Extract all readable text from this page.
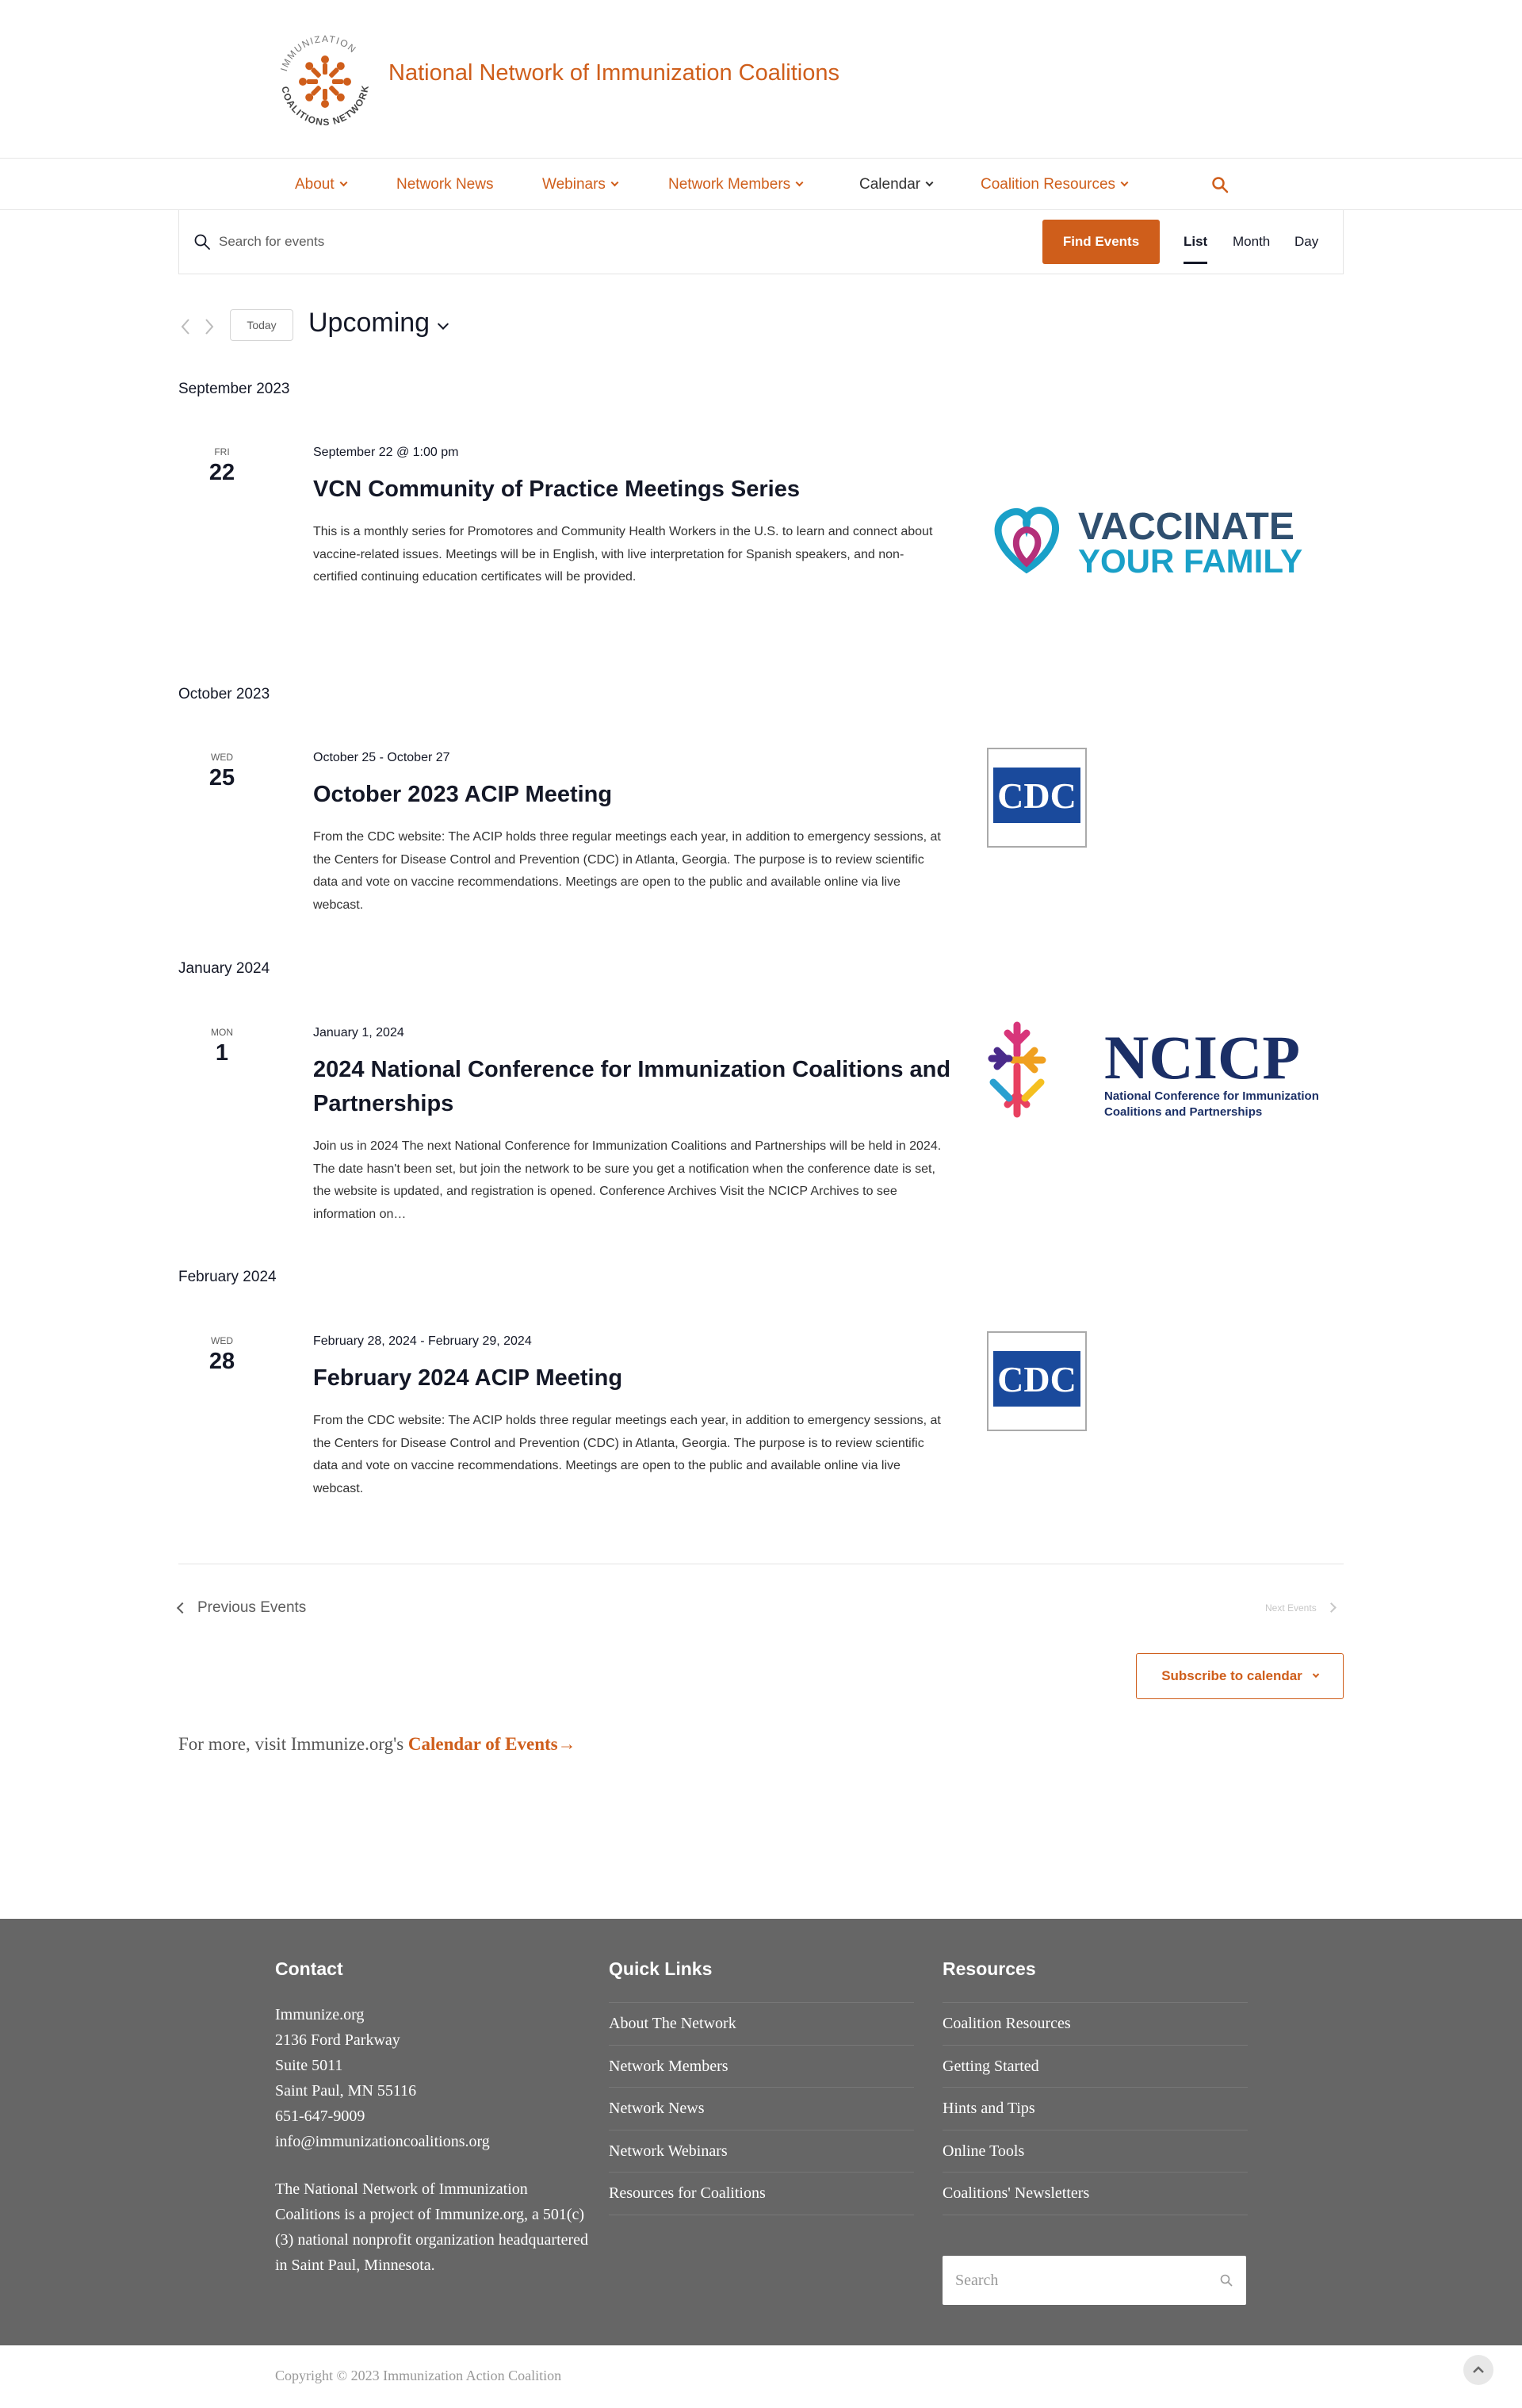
IMMUNIZATION
COALITIONS NETWORK
National Network of Immunization Coalitions
About	Network News	Webinars	Network Members	Calendar	Coalition Resources
Search for events
Find Events	List Month Day
Today	Upcoming
September 2023
October 2023
January 2024
February 2024
FRI
22
September 22 @ 1:00 pm
VCN Community of Practice Meetings Series
This is a monthly series for Promotores and Community Health Workers in the U.S. to learn and connect about vaccine-related issues. Meetings will be in English, with live interpretation for Spanish speakers, and non-certified continuing education certificates will be provided.
VACCINATE
YOUR FAMILY
WED
25
October 25 - October 27
October 2023 ACIP Meeting
From the CDC website: The ACIP holds three regular meetings each year, in addition to emergency sessions, at the Centers for Disease Control and Prevention (CDC) in Atlanta, Georgia. The purpose is to review scientific data and vote on vaccine recommendations. Meetings are open to the public and available online via live webcast.
CDC
MON
1
January 1, 2024
2024 National Conference for Immunization Coalitions and Partnerships
Join us in 2024 The next National Conference for Immunization Coalitions and Partnerships will be held in 2024. The date hasn't been set, but join the network to be sure you get a notification when the conference date is set, the website is updated, and registration is opened. Conference Archives Visit the NCICP Archives to see information on…
NCICP
National Conference for Immunization
Coalitions and Partnerships
WED
28
February 28, 2024 - February 29, 2024
February 2024 ACIP Meeting
From the CDC website: The ACIP holds three regular meetings each year, in addition to emergency sessions, at the Centers for Disease Control and Prevention (CDC) in Atlanta, Georgia. The purpose is to review scientific data and vote on vaccine recommendations. Meetings are open to the public and available online via live webcast.
CDC
Previous Events	Next Events
Subscribe to calendar
For more, visit Immunize.org's Calendar of Events→
Contact
Immunize.org
2136 Ford Parkway
Suite 5011
Saint Paul, MN 55116
651-647-9009
info@immunizationcoalitions.org
The National Network of Immunization Coalitions is a project of Immunize.org, a 501(c)(3) national nonprofit organization headquartered in Saint Paul, Minnesota.
Quick Links
About The Network
Network Members
Network News
Network Webinars
Resources for Coalitions
Resources
Coalition Resources
Getting Started
Hints and Tips
Online Tools
Coalitions' Newsletters
Search
Copyright © 2023 Immunization Action Coalition
